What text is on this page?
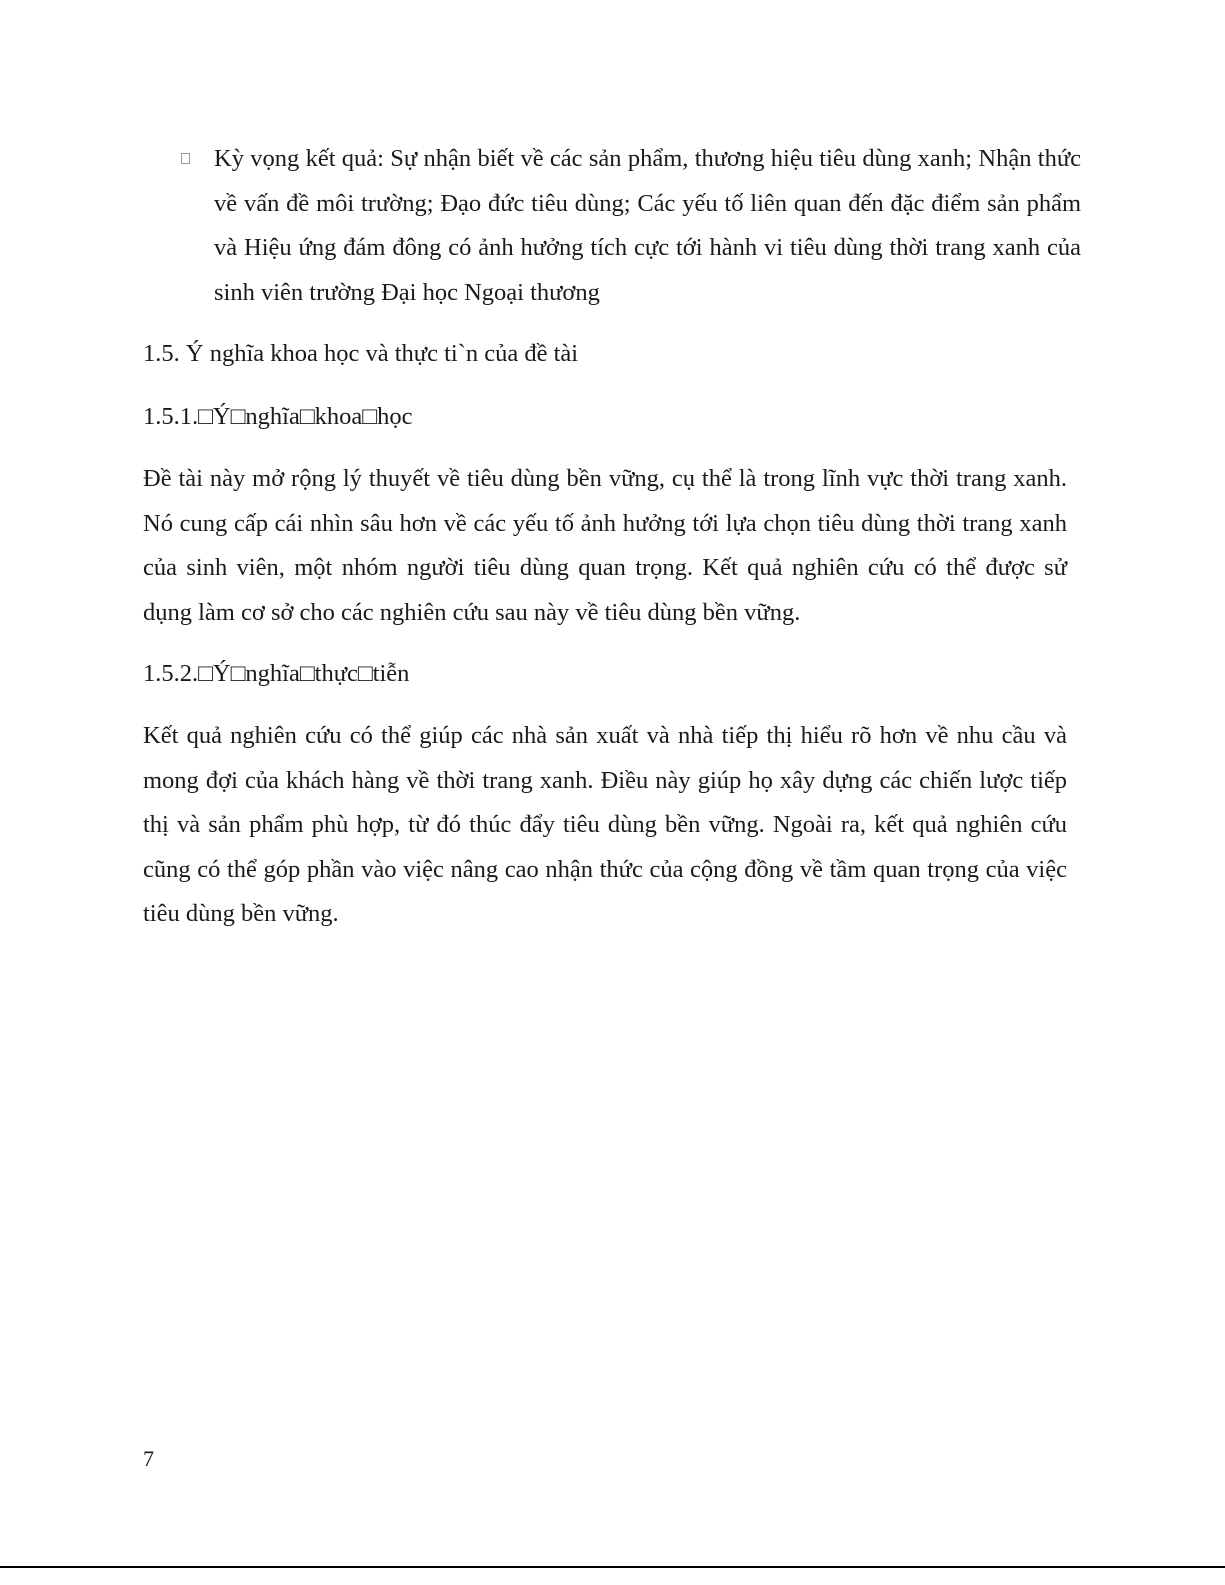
Kỳ vọng kết quả: Sự nhận biết về các sản phẩm, thương hiệu tiêu dùng xanh; Nhận thức về vấn đề môi trường; Đạo đức tiêu dùng; Các yếu tố liên quan đến đặc điểm sản phẩm và Hiệu ứng đám đông có ảnh hưởng tích cực tới hành vi tiêu dùng thời trang xanh của sinh viên trường Đại học Ngoại thương
1.5. Ý nghĩa khoa học và thực ti`n của đề tài
1.5.1.□Ý□nghĩa□khoa□học
Đề tài này mở rộng lý thuyết về tiêu dùng bền vững, cụ thể là trong lĩnh vực thời trang xanh. Nó cung cấp cái nhìn sâu hơn về các yếu tố ảnh hưởng tới lựa chọn tiêu dùng thời trang xanh của sinh viên, một nhóm người tiêu dùng quan trọng. Kết quả nghiên cứu có thể được sử dụng làm cơ sở cho các nghiên cứu sau này về tiêu dùng bền vững.
1.5.2.□Ý□nghĩa□thực□tiễn
Kết quả nghiên cứu có thể giúp các nhà sản xuất và nhà tiếp thị hiểu rõ hơn về nhu cầu và mong đợi của khách hàng về thời trang xanh. Điều này giúp họ xây dựng các chiến lược tiếp thị và sản phẩm phù hợp, từ đó thúc đẩy tiêu dùng bền vững. Ngoài ra, kết quả nghiên cứu cũng có thể góp phần vào việc nâng cao nhận thức của cộng đồng về tầm quan trọng của việc tiêu dùng bền vững.
7
